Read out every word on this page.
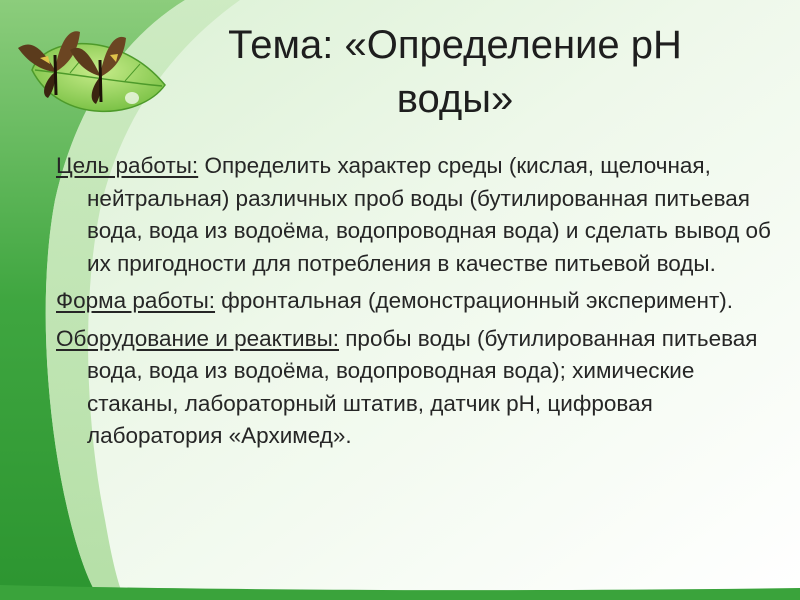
Тема: «Определение рН
воды»

Цель работы: Определить характер среды (кислая, щелочная, нейтральная) различных проб воды (бутилированная питьевая вода, вода из водоёма, водопроводная вода) и сделать вывод об их пригодности для потребления в качестве питьевой воды.

Форма работы: фронтальная (демонстрационный эксперимент).

Оборудование и реактивы: пробы воды (бутилированная питьевая вода, вода из водоёма, водопроводная вода); химические стаканы, лабораторный штатив, датчик рН, цифровая лаборатория «Архимед».
